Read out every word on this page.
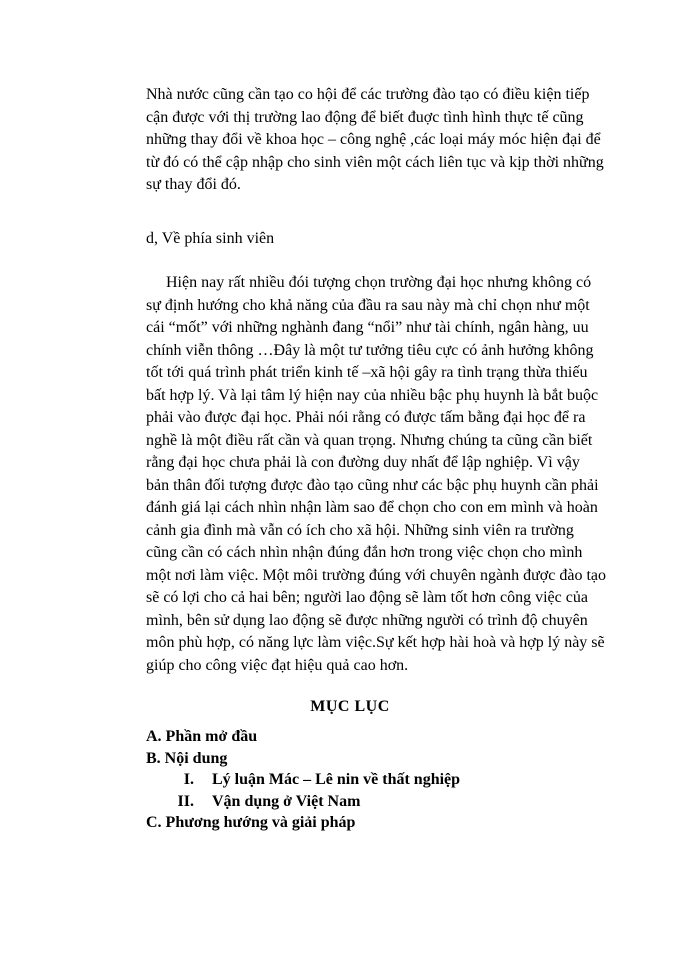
Nhà nước cũng cần tạo co hội để các trường đào tạo có điều kiện tiếp cận được với thị trường lao động để biết đuợc tình hình thực tế cũng những thay đổi về khoa học – công nghệ ,các loại máy móc hiện đại để từ đó có thể cập nhập cho sinh viên một cách liên tục và kịp thời những sự thay đổi đó.
d, Về phía sinh viên
Hiện nay rất nhiều đói tượng chọn trường đại học nhưng không có sự định hướng cho khả năng của đầu ra sau này mà chỉ chọn như một cái “mốt” với những nghành đang “nổi” như tài chính, ngân hàng, uu chính viễn thông …Đây là một tư tưởng tiêu cực có ảnh hưởng không tốt tới quá trình phát triển kinh tế –xã hội gây ra tình trạng thừa thiếu bất hợp lý. Và lại tâm lý hiện nay của nhiều bậc phụ huynh là bắt buộc phải vào được đại học. Phải nói rằng có được tấm bằng đại học để ra nghề là một điều rất cần và quan trọng. Nhưng chúng ta cũng cần biết rằng đại học chưa phải là con đường duy nhất để lập nghiệp. Vì vậy bản thân đối tượng được đào tạo cũng như các bậc phụ huynh cần phải đánh giá lại cách nhìn nhận làm sao để chọn cho con em mình và hoàn cảnh gia đình mà vẫn có ích cho xã hội. Những sinh viên ra trường cũng cần có cách nhìn nhận đúng đắn hơn trong việc chọn cho mình một nơi làm việc. Một môi trường đúng với chuyên ngành được đào tạo sẽ có lợi cho cả hai bên; người lao động sẽ làm tốt hơn công việc của mình, bên sử dụng lao động sẽ được những người có trình độ chuyên môn phù hợp, có năng lực làm việc.Sự kết hợp hài hoà và hợp lý này sẽ giúp cho công việc đạt hiệu quả cao hơn.
MỤC LỤC
A. Phần mở đầu
B. Nội dung
I.	Lý luận Mác – Lê nin về thất nghiệp
II.	Vận dụng ở Việt Nam
C. Phương hướng và giải pháp
